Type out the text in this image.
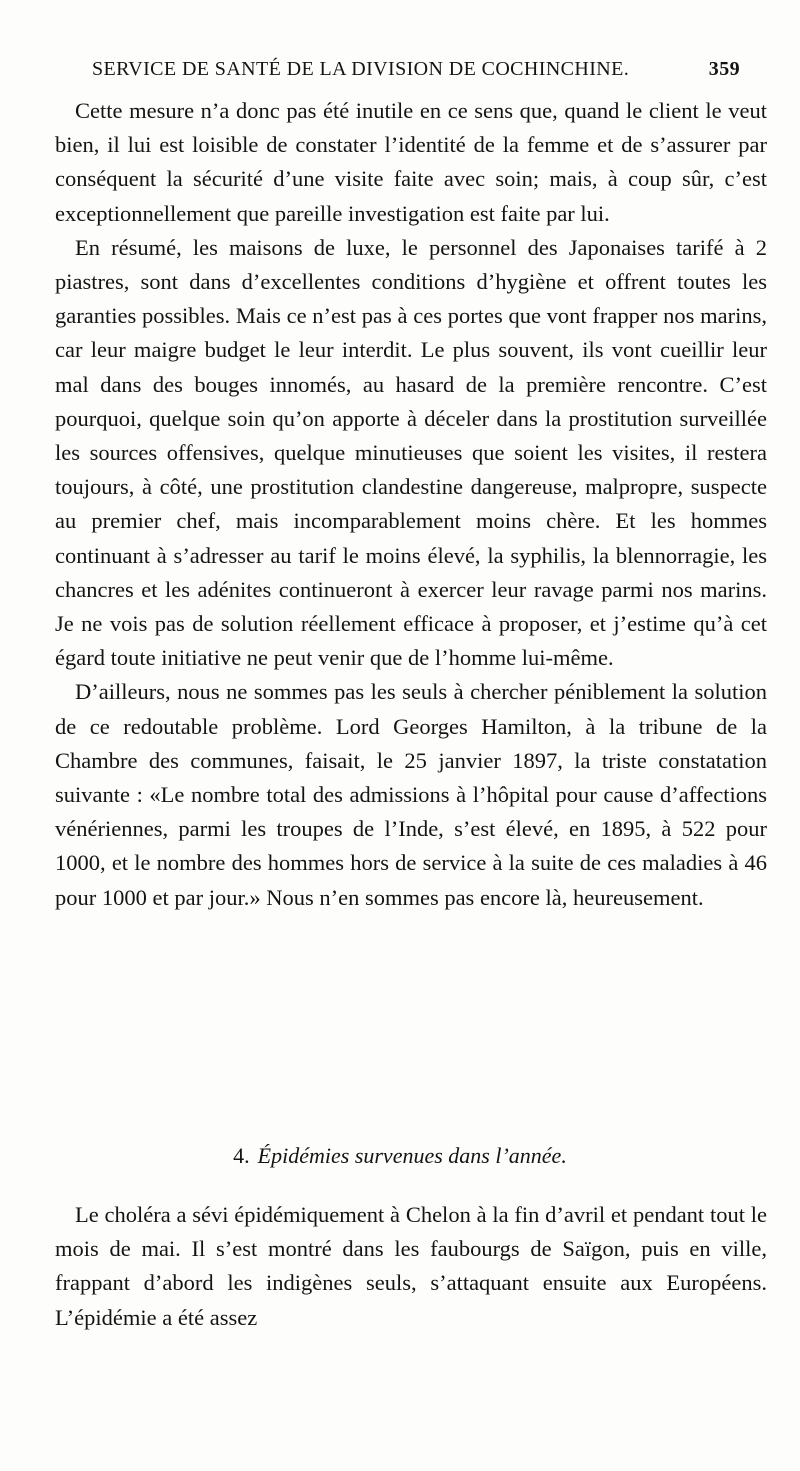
SERVICE DE SANTÉ DE LA DIVISION DE COCHINCHINE.	359

Cette mesure n’a donc pas été inutile en ce sens que, quand le client le veut bien, il lui est loisible de constater l’identité de la femme et de s’assurer par conséquent la sécurité d’une visite faite avec soin; mais, à coup sûr, c’est exceptionnellement que pareille investigation est faite par lui.

En résumé, les maisons de luxe, le personnel des Japonaises tarifé à 2 piastres, sont dans d’excellentes conditions d’hygiène et offrent toutes les garanties possibles. Mais ce n’est pas à ces portes que vont frapper nos marins, car leur maigre budget le leur interdit. Le plus souvent, ils vont cueillir leur mal dans des bouges innomés, au hasard de la première rencontre. C’est pourquoi, quelque soin qu’on apporte à déceler dans la prostitution surveillée les sources offensives, quelque minutieuses que soient les visites, il restera toujours, à côté, une prostitution clandestine dangereuse, malpropre, suspecte au premier chef, mais incomparablement moins chère. Et les hommes continuant à s’adresser au tarif le moins élevé, la syphilis, la blennorragie, les chancres et les adénites continueront à exercer leur ravage parmi nos marins. Je ne vois pas de solution réellement efficace à proposer, et j’estime qu’à cet égard toute initiative ne peut venir que de l’homme lui-même.

D’ailleurs, nous ne sommes pas les seuls à chercher péniblement la solution de ce redoutable problème. Lord Georges Hamilton, à la tribune de la Chambre des communes, faisait, le 25 janvier 1897, la triste constatation suivante : «Le nombre total des admissions à l’hôpital pour cause d’affections vénériennes, parmi les troupes de l’Inde, s’est élevé, en 1895, à 522 pour 1000, et le nombre des hommes hors de service à la suite de ces maladies à 46 pour 1000 et par jour.» Nous n’en sommes pas encore là, heureusement.

4. Épidémies survenues dans l’année.

Le choléra a sévi épidémiquement à Chelon à la fin d’avril et pendant tout le mois de mai. Il s’est montré dans les faubourgs de Saïgon, puis en ville, frappant d’abord les indigènes seuls, s’attaquant ensuite aux Européens. L’épidémie a été assez
